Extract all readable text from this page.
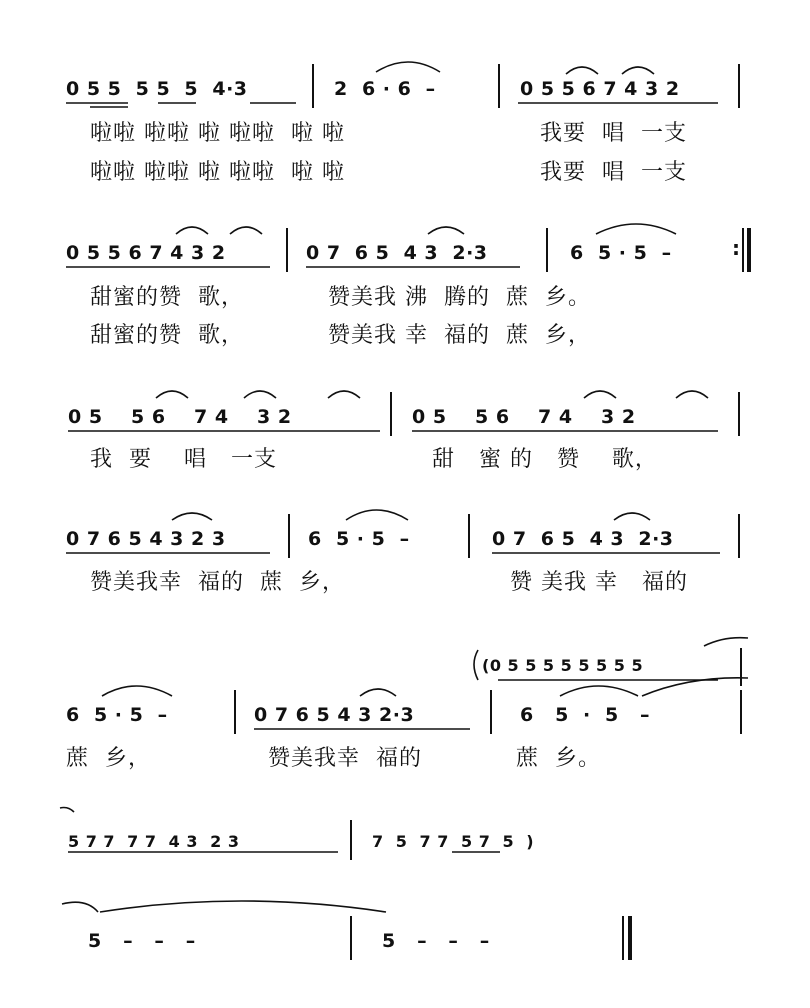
0 5 5  5 5  5  4·3	2  6 · 6  –	0 5 5 6 7 4 3 2
啦啦 啦啦 啦 啦啦  啦 啦	我要  唱  一支
啦啦 啦啦 啦 啦啦  啦 啦	我要  唱  一支
0 5 5 6 7 4 3 2	0 7  6 5  4 3  2·3	6  5 · 5  –	:
甜蜜的赞  歌，	赞美我 沸  腾的  蔗  乡。
甜蜜的赞  歌，	赞美我 幸  福的  蔗  乡，
0 5    5 6    7 4    3 2	0 5    5 6    7 4    3 2
我  要    唱   一支	甜   蜜 的   赞    歌，
0 7 6 5 4 3 2 3	6  5 · 5  –	0 7  6 5  4 3  2·3
赞美我幸  福的  蔗  乡，	赞 美我 幸   福的
(0 5 5 5 5 5 5 5 5
6  5 · 5  –	0 7 6 5 4 3 2·3	6   5  ·  5   –
蔗  乡，	赞美我幸  福的	蔗  乡。
5 7 7  7 7  4 3  2 3	7  5  7 7  5 7  5  )
5   –   –   –	5   –   –   –
